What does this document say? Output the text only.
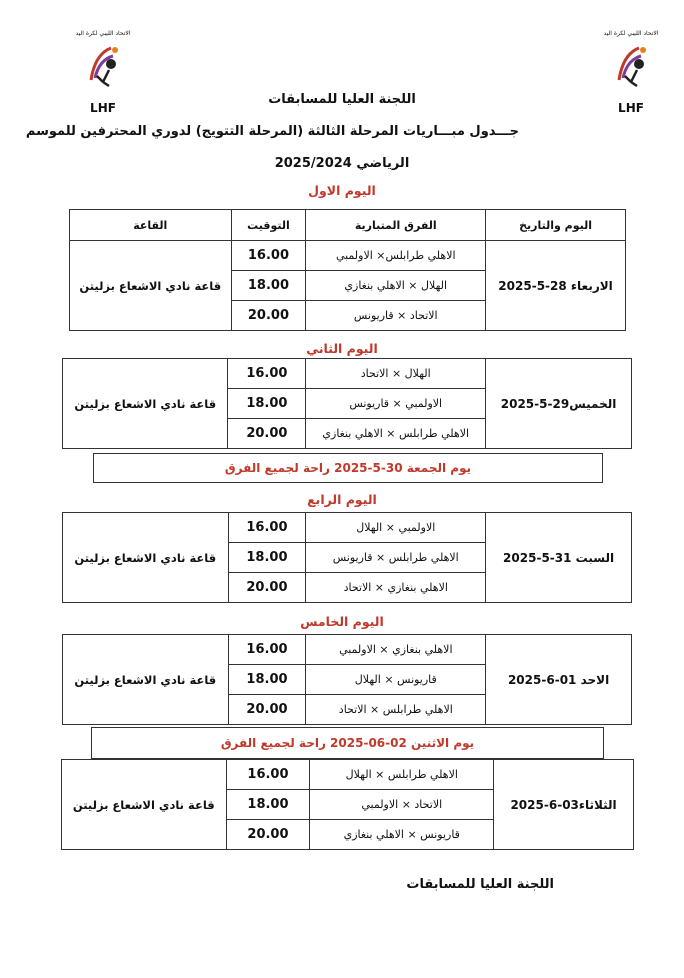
الاتحاد الليبي لكرة اليد
LHF
الاتحاد الليبي لكرة اليد
LHF
اللجنة العليا للمسابقات
جـــدول مبـــاريات المرحلة الثالثة (المرحلة التتويج) لدوري المحترفين للموسم
الرياضي 2025/2024
اليوم الاول
اليوم والتاريخ	الفرق المتبارية	التوقيت	القاعة
الاربعاء 28-5-2025	الاهلي طرابلس× الاولمبي	16.00	قاعة نادي الاشعاع بزليتن
	الهلال × الاهلي بنغازي	18.00	
	الاتحاد × قاريونس	20.00	
اليوم الثاني
الخميس29-5-2025	الهلال × الاتحاد	16.00	قاعة نادي الاشعاع بزليتن
	الاولمبي × قاريونس	18.00	
	الاهلي طرابلس × الاهلي بنغازي	20.00	
يوم الجمعة 30-5-2025 راحة لجميع الفرق
اليوم الرابع
السبت 31-5-2025	الاولمبي × الهلال	16.00	قاعة نادي الاشعاع بزليتن
	الاهلي طرابلس × قاريونس	18.00	
	الاهلي بنغازي × الاتحاد	20.00	
اليوم الخامس
الاحد 01-6-2025	الاهلي بنغازي × الاولمبي	16.00	قاعة نادي الاشعاع بزليتن
	قاريونس × الهلال	18.00	
	الاهلي طرابلس × الاتحاد	20.00	
يوم الاثنين 02-06-2025 راحة لجميع الفرق
الثلاثاء03-6-2025	الاهلي طرابلس × الهلال	16.00	قاعة نادي الاشعاع بزليتن
	الاتحاد × الاولمبي	18.00	
	قاريونس × الاهلي بنغازي	20.00	
اللجنة العليا للمسابقات
